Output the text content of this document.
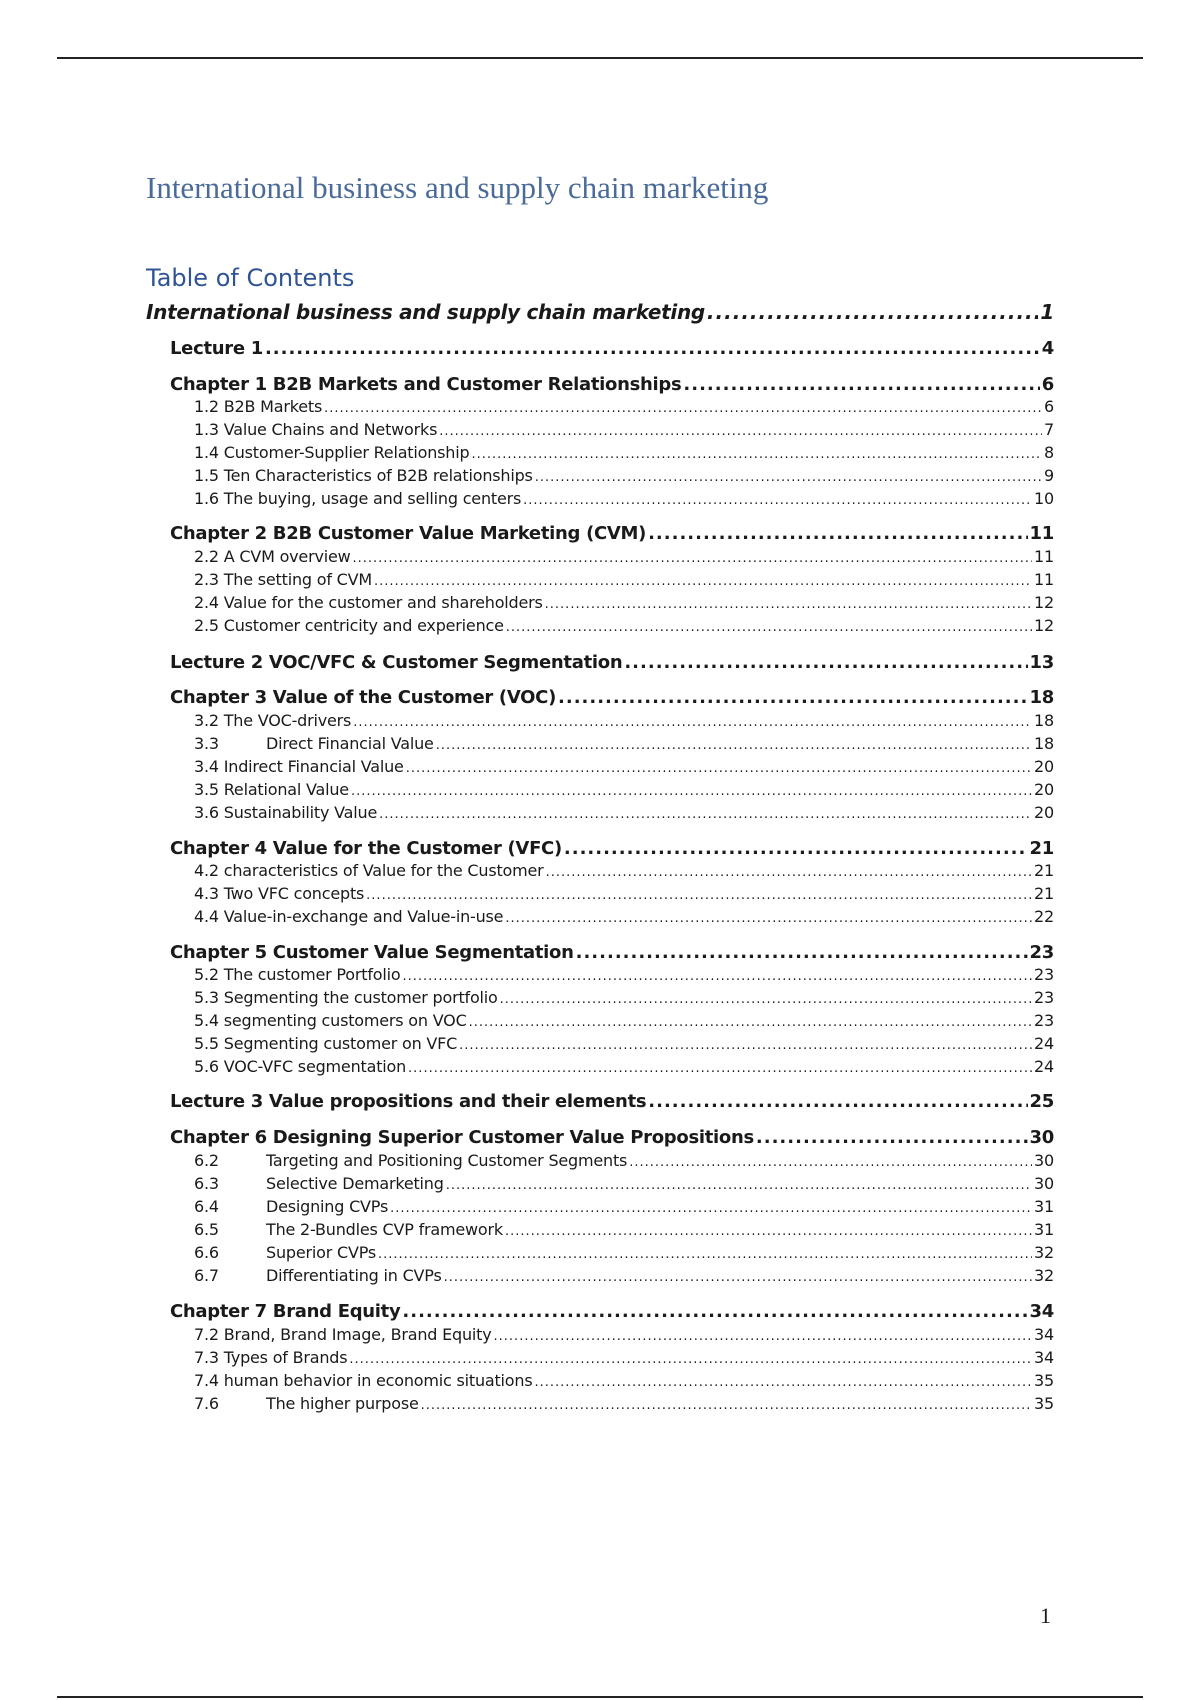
International business and supply chain marketing
Table of Contents
International business and supply chain marketing .....	1
Lecture 1 .....	4
Chapter 1 B2B Markets and Customer Relationships .....	6
1.2 B2B Markets .....	6
1.3 Value Chains and Networks .....	7
1.4 Customer-Supplier Relationship .....	8
1.5 Ten Characteristics of B2B relationships .....	9
1.6 The buying, usage and selling centers .....	10
Chapter 2 B2B Customer Value Marketing (CVM) .....	11
2.2 A CVM overview .....	11
2.3 The setting of CVM .....	11
2.4 Value for the customer and shareholders .....	12
2.5 Customer centricity and experience .....	12
Lecture 2 VOC/VFC & Customer Segmentation .....	13
Chapter 3 Value of the Customer (VOC) .....	18
3.2 The VOC-drivers .....	18
3.3	Direct Financial Value .....	18
3.4 Indirect Financial Value .....	20
3.5 Relational Value .....	20
3.6 Sustainability Value .....	20
Chapter 4 Value for the Customer (VFC) .....	21
4.2 characteristics of Value for the Customer .....	21
4.3 Two VFC concepts .....	21
4.4 Value-in-exchange and Value-in-use .....	22
Chapter 5 Customer Value Segmentation .....	23
5.2 The customer Portfolio .....	23
5.3 Segmenting the customer portfolio .....	23
5.4 segmenting customers on VOC .....	23
5.5 Segmenting customer on VFC .....	24
5.6 VOC-VFC segmentation .....	24
Lecture 3 Value propositions and their elements .....	25
Chapter 6 Designing Superior Customer Value Propositions .....	30
6.2	Targeting and Positioning Customer Segments .....	30
6.3	Selective Demarketing .....	30
6.4	Designing CVPs .....	31
6.5	The 2-Bundles CVP framework .....	31
6.6	Superior CVPs .....	32
6.7	Differentiating in CVPs .....	32
Chapter 7 Brand Equity .....	34
7.2 Brand, Brand Image, Brand Equity .....	34
7.3 Types of Brands .....	34
7.4 human behavior in economic situations .....	35
7.6	The higher purpose .....	35
1
